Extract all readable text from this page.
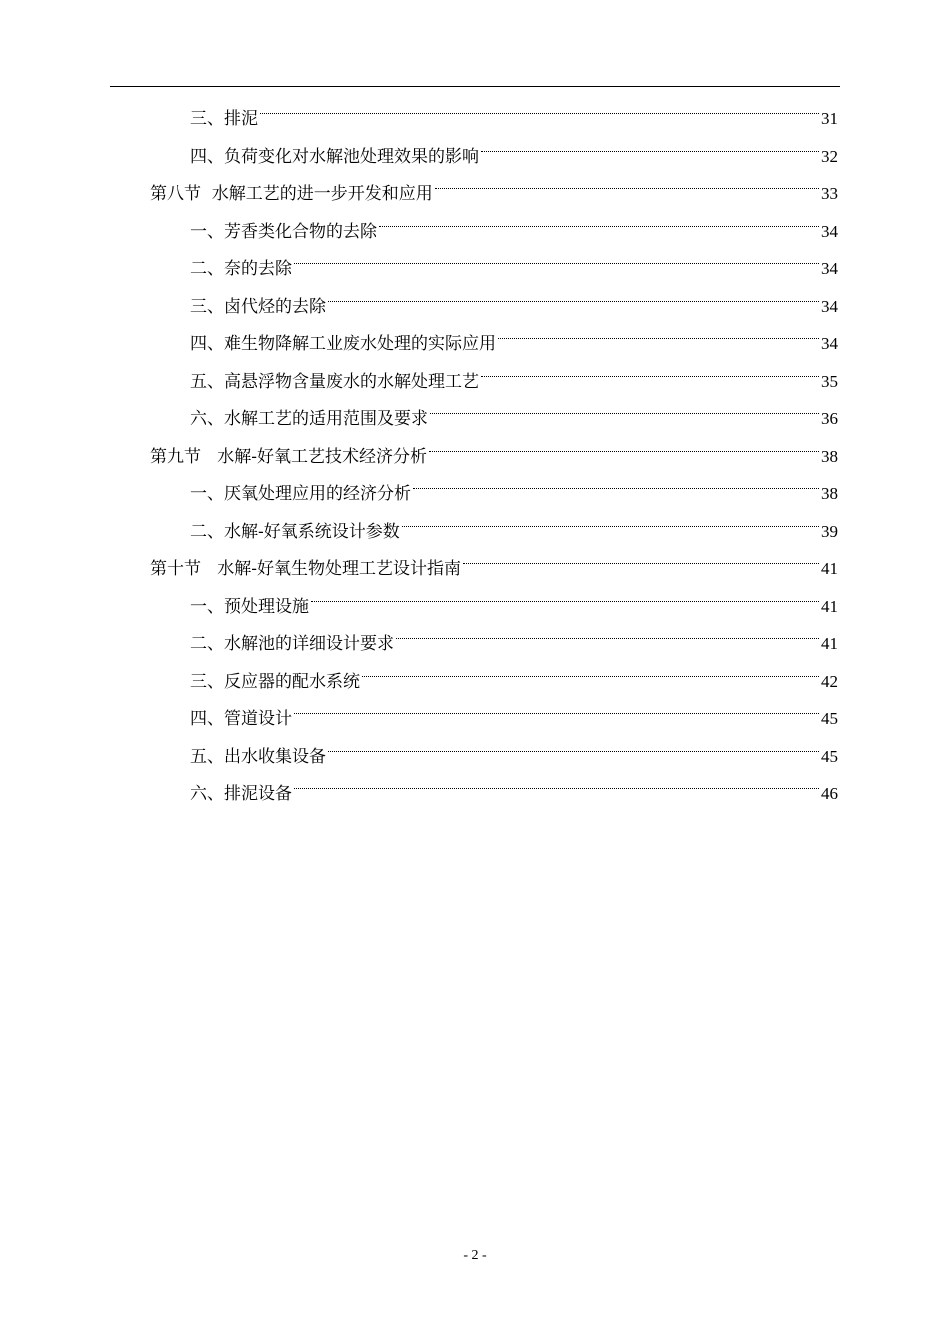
三、排泥	31
四、负荷变化对水解池处理效果的影响	32
第八节  水解工艺的进一步开发和应用	33
一、芳香类化合物的去除	34
二、奈的去除	34
三、卤代烃的去除	34
四、难生物降解工业废水处理的实际应用	34
五、高悬浮物含量废水的水解处理工艺	35
六、水解工艺的适用范围及要求	36
第九节   水解-好氧工艺技术经济分析	38
一、厌氧处理应用的经济分析	38
二、水解-好氧系统设计参数	39
第十节   水解-好氧生物处理工艺设计指南	41
一、预处理设施	41
二、水解池的详细设计要求	41
三、反应器的配水系统	42
四、管道设计	45
五、出水收集设备	45
六、排泥设备	46
- 2 -
